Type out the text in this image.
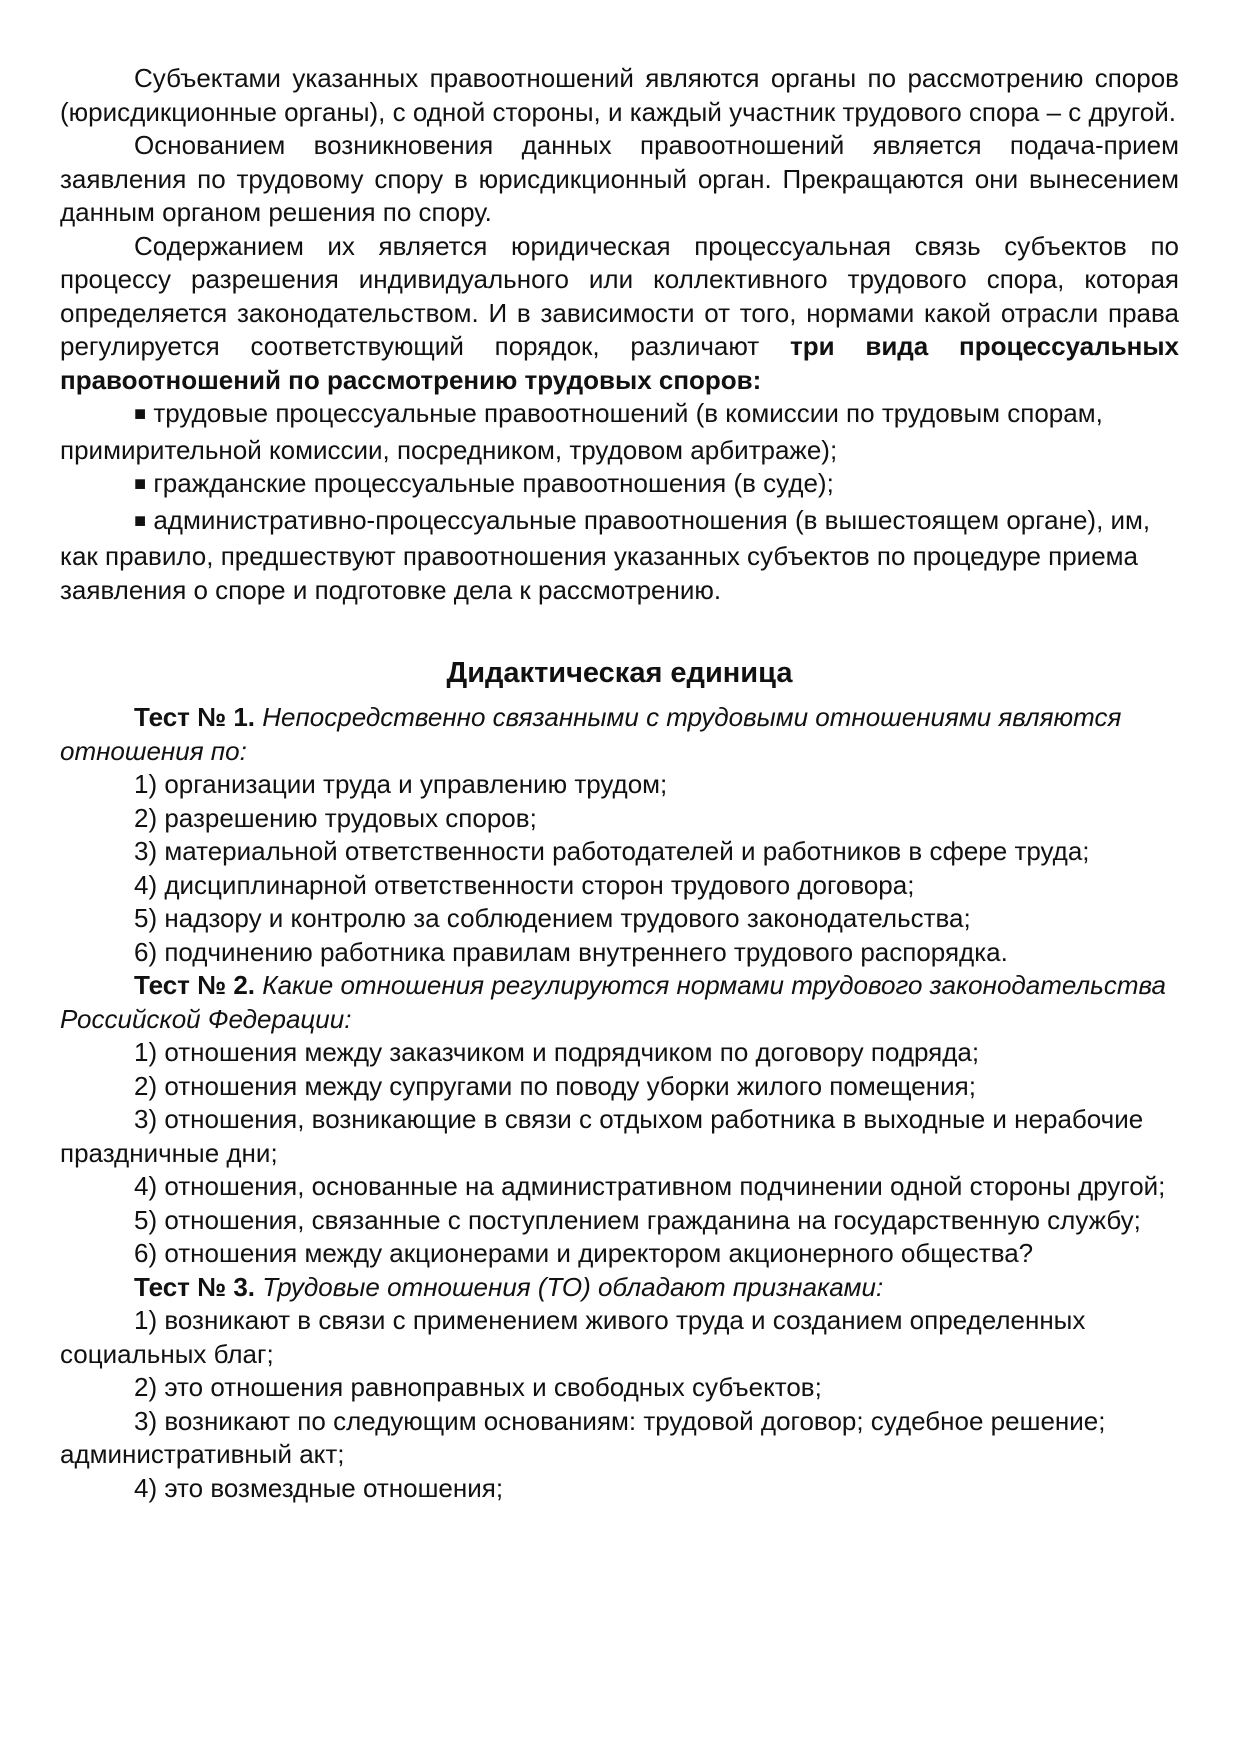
Субъектами указанных правоотношений являются органы по рассмотрению споров (юрисдикционные органы), с одной стороны, и каждый участник трудового спора – с другой.

Основанием возникновения данных правоотношений является подача-прием заявления по трудовому спору в юрисдикционный орган. Прекращаются они вынесением данным органом решения по спору.

Содержанием их является юридическая процессуальная связь субъектов по процессу разрешения индивидуального или коллективного трудового спора, которая определяется законодательством. И в зависимости от того, нормами какой отрасли права регулируется соответствующий порядок, различают три вида процессуальных правоотношений по рассмотрению трудовых споров:

■ трудовые процессуальные правоотношений (в комиссии по трудовым спорам, примирительной комиссии, посредником, трудовом арбитраже);

■ гражданские процессуальные правоотношения (в суде);

■ административно-процессуальные правоотношения (в вышестоящем органе), им, как правило, предшествуют правоотношения указанных субъектов по процедуре приема заявления о споре и подготовке дела к рассмотрению.

Дидактическая единица

Тест № 1. Непосредственно связанными с трудовыми отношениями являются отношения по:

1) организации труда и управлению трудом;

2) разрешению трудовых споров;

3) материальной ответственности работодателей и работников в сфере труда;

4) дисциплинарной ответственности сторон трудового договора;

5) надзору и контролю за соблюдением трудового законодательства;

6) подчинению работника правилам внутреннего трудового распорядка.

Тест № 2. Какие отношения регулируются нормами трудового законодательства Российской Федерации:

1) отношения между заказчиком и подрядчиком по договору подряда;

2) отношения между супругами по поводу уборки жилого помещения;

3) отношения, возникающие в связи с отдыхом работника в выходные и нерабочие праздничные дни;

4) отношения, основанные на административном подчинении одной стороны другой;

5) отношения, связанные с поступлением гражданина на государственную службу;

6) отношения между акционерами и директором акционерного общества?

Тест № 3. Трудовые отношения (ТО) обладают признаками:

1) возникают в связи с применением живого труда и созданием определенных социальных благ;

2) это отношения равноправных и свободных субъектов;

3) возникают по следующим основаниям: трудовой договор; судебное решение; административный акт;

4) это возмездные отношения;
